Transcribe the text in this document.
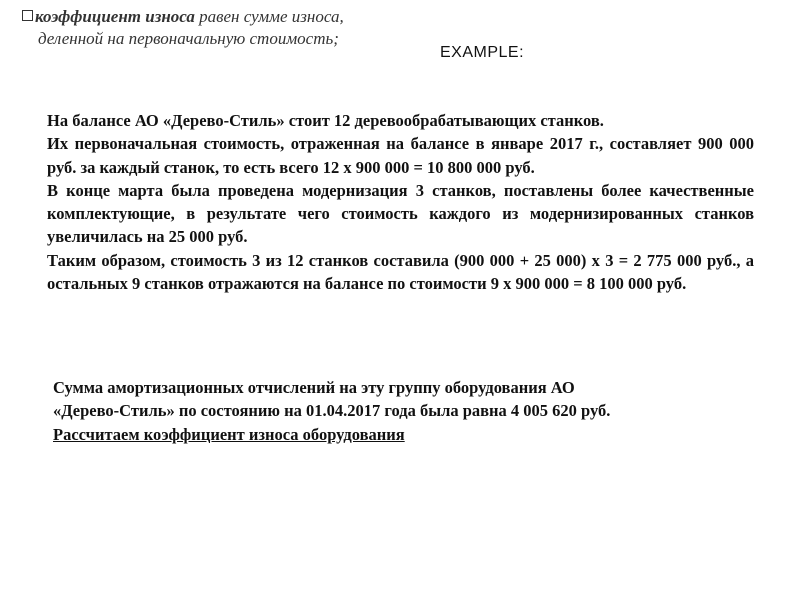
коэффициент износа равен сумме износа,
деленной на первоначальную стоимость;
EXAMPLE:

На балансе АО «Дерево-Стиль» стоит 12 деревообрабатывающих станков.

Их первоначальная стоимость, отраженная на балансе в январе 2017 г., составляет 900 000 руб. за каждый станок, то есть всего 12 х 900 000 = 10 800 000 руб.

В конце марта была проведена модернизация 3 станков, поставлены более качественные комплектующие, в результате чего стоимость каждого из модернизированных станков увеличилась на 25 000 руб.

Таким образом, стоимость 3 из 12 станков составила (900 000 + 25 000) х 3 = 2 775 000 руб., а остальных 9 станков отражаются на балансе по стоимости 9 х 900 000 = 8 100 000 руб.

Сумма амортизационных отчислений на эту группу оборудования АО

«Дерево-Стиль» по состоянию на 01.04.2017 года была равна 4 005 620 руб.

Рассчитаем коэффициент износа оборудования
